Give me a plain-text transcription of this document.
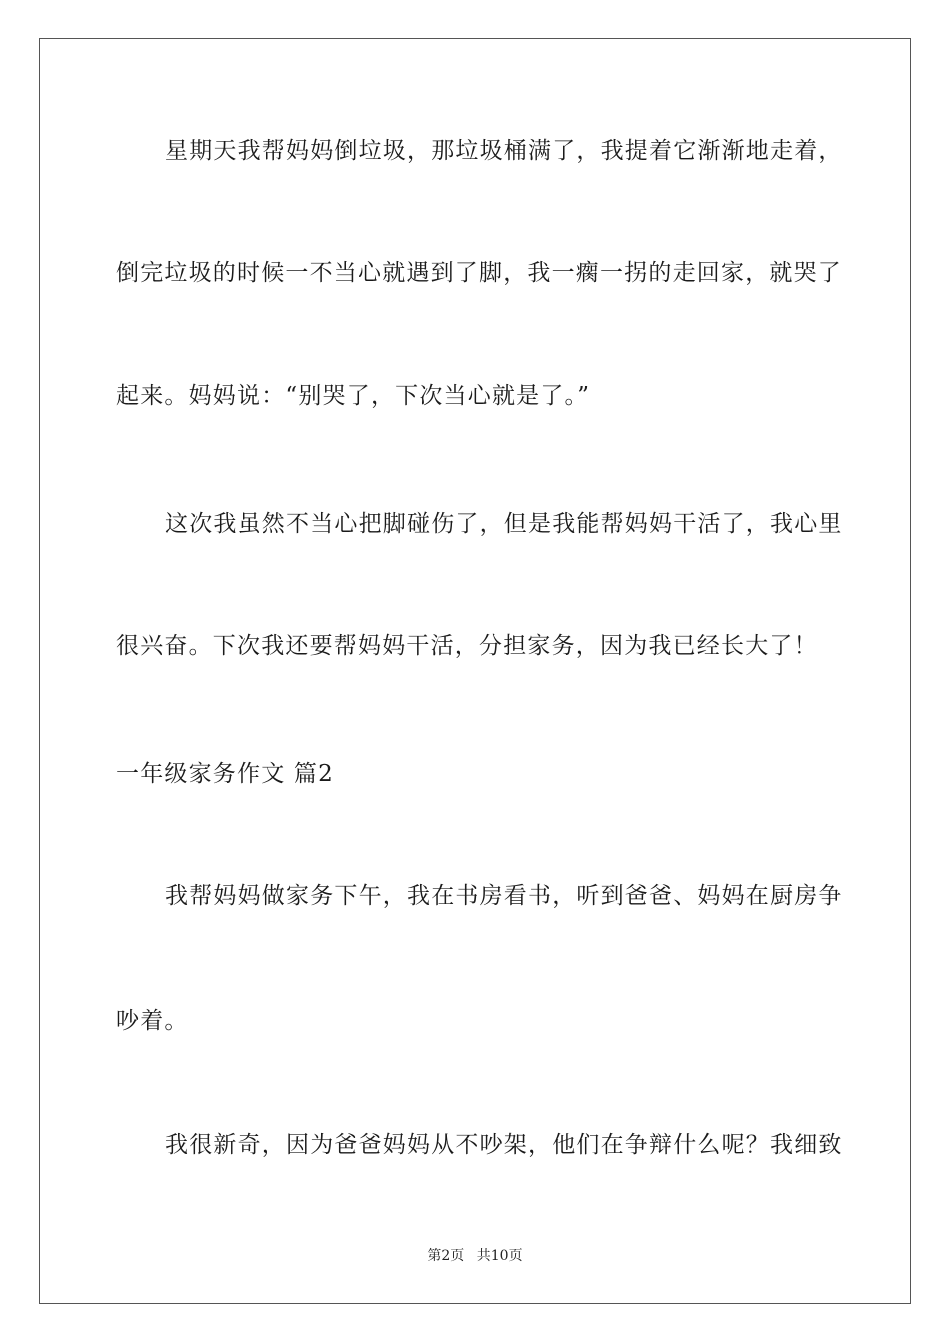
星期天我帮妈妈倒垃圾，那垃圾桶满了，我提着它渐渐地走着，
倒完垃圾的时候一不当心就遇到了脚，我一瘸一拐的走回家，就哭了
起来。妈妈说：“别哭了，下次当心就是了。”
这次我虽然不当心把脚碰伤了，但是我能帮妈妈干活了，我心里
很兴奋。下次我还要帮妈妈干活，分担家务，因为我已经长大了！
一年级家务作文 篇2
我帮妈妈做家务下午，我在书房看书，听到爸爸、妈妈在厨房争
吵着。
我很新奇，因为爸爸妈妈从不吵架，他们在争辩什么呢？我细致
第2页 共10页
